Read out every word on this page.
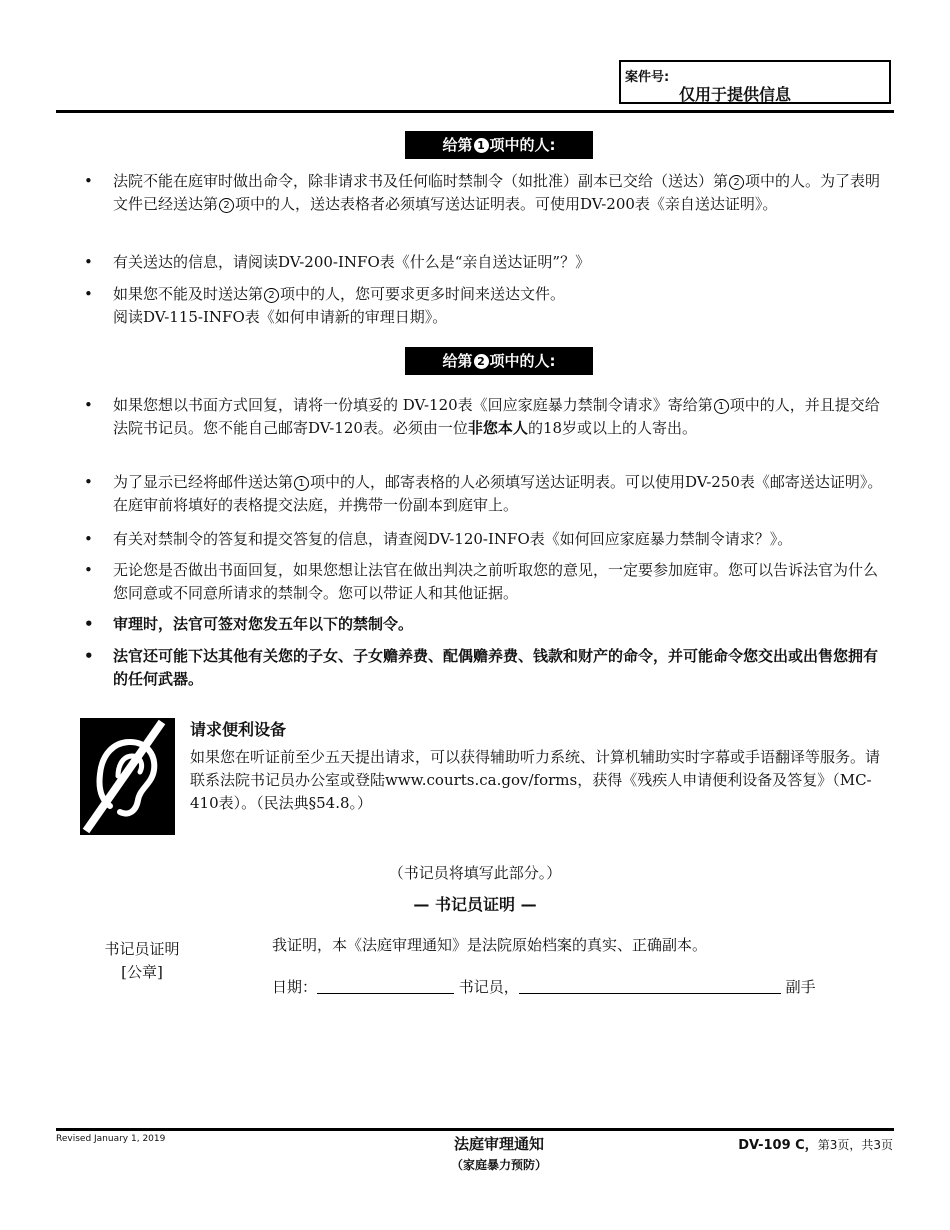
案件号:
仅用于提供信息
给第 1 项中的人:
• 法院不能在庭审时做出命令，除非请求书及任何临时禁制令（如批准）副本已交给（送达）第 2 项中的人。为了表明文件已经送达第 2 项中的人，送达表格者必须填写送达证明表。可使用DV-200表《亲自送达证明》。
• 有关送达的信息，请阅读DV-200-INFO表《什么是“亲自送达证明”？》
• 如果您不能及时送达第 2 项中的人，您可要求更多时间来送达文件。
阅读DV-115-INFO表《如何申请新的审理日期》。
给第 2 项中的人:
• 如果您想以书面方式回复，请将一份填妥的 DV-120表《回应家庭暴力禁制令请求》寄给第 1 项中的人，并且提交给法院书记员。您不能自己邮寄DV-120表。必须由一位非您本人的18岁或以上的人寄出。
• 为了显示已经将邮件送达第 1 项中的人，邮寄表格的人必须填写送达证明表。可以使用DV-250表《邮寄送达证明》。在庭审前将填好的表格提交法庭，并携带一份副本到庭审上。
• 有关对禁制令的答复和提交答复的信息，请查阅DV-120-INFO表《如何回应家庭暴力禁制令请求？》。
• 无论您是否做出书面回复，如果您想让法官在做出判决之前听取您的意见，一定要参加庭审。您可以告诉法官为什么您同意或不同意所请求的禁制令。您可以带证人和其他证据。
• 审理时，法官可签对您发五年以下的禁制令。
• 法官还可能下达其他有关您的子女、子女赡养费、配偶赡养费、钱款和财产的命令，并可能命令您交出或出售您拥有的任何武器。
请求便利设备
如果您在听证前至少五天提出请求，可以获得辅助听力系统、计算机辅助实时字幕或手语翻译等服务。请联系法院书记员办公室或登陆www.courts.ca.gov/forms，获得《残疾人申请便利设备及答复》（MC-410表）。（民法典§54.8。）
（书记员将填写此部分。）
— 书记员证明 —
书记员证明
[公章]
我证明，本《法庭审理通知》是法院原始档案的真实、正确副本。
日期：	书记员，	副手
Revised January 1, 2019	法庭审理通知
（家庭暴力预防）
DV-109 C，第3页，共3页
